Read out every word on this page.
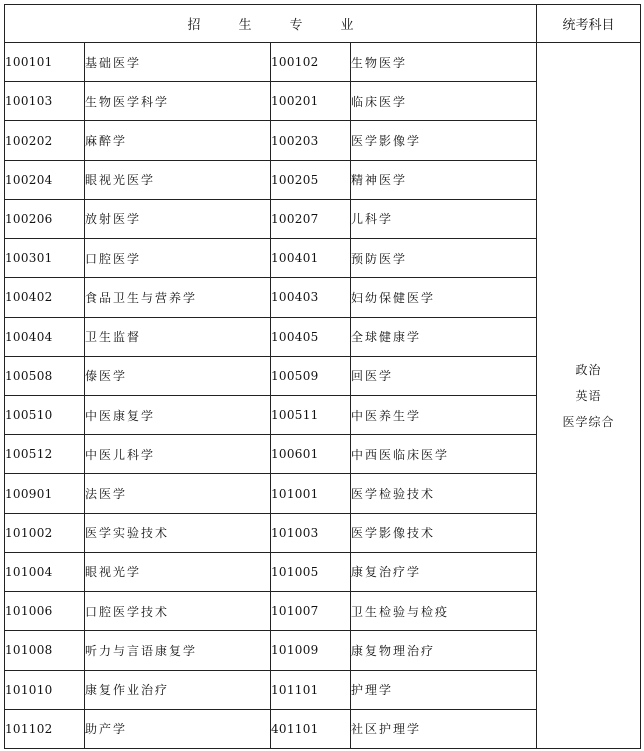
招生专业				统考科目
100101	基础医学	100102	生物医学	政治
英语
医学综合

100103	生物医学科学	100201	临床医学	
100202	麻醉学	100203	医学影像学	
100204	眼视光医学	100205	精神医学	
100206	放射医学	100207	儿科学	
100301	口腔医学	100401	预防医学	
100402	食品卫生与营养学	100403	妇幼保健医学	
100404	卫生监督	100405	全球健康学	
100508	傣医学	100509	回医学	
100510	中医康复学	100511	中医养生学	
100512	中医儿科学	100601	中西医临床医学	
100901	法医学	101001	医学检验技术	
101002	医学实验技术	101003	医学影像技术	
101004	眼视光学	101005	康复治疗学	
101006	口腔医学技术	101007	卫生检验与检疫	
101008	听力与言语康复学	101009	康复物理治疗	
101010	康复作业治疗	101101	护理学	
101102	助产学	401101	社区护理学	
